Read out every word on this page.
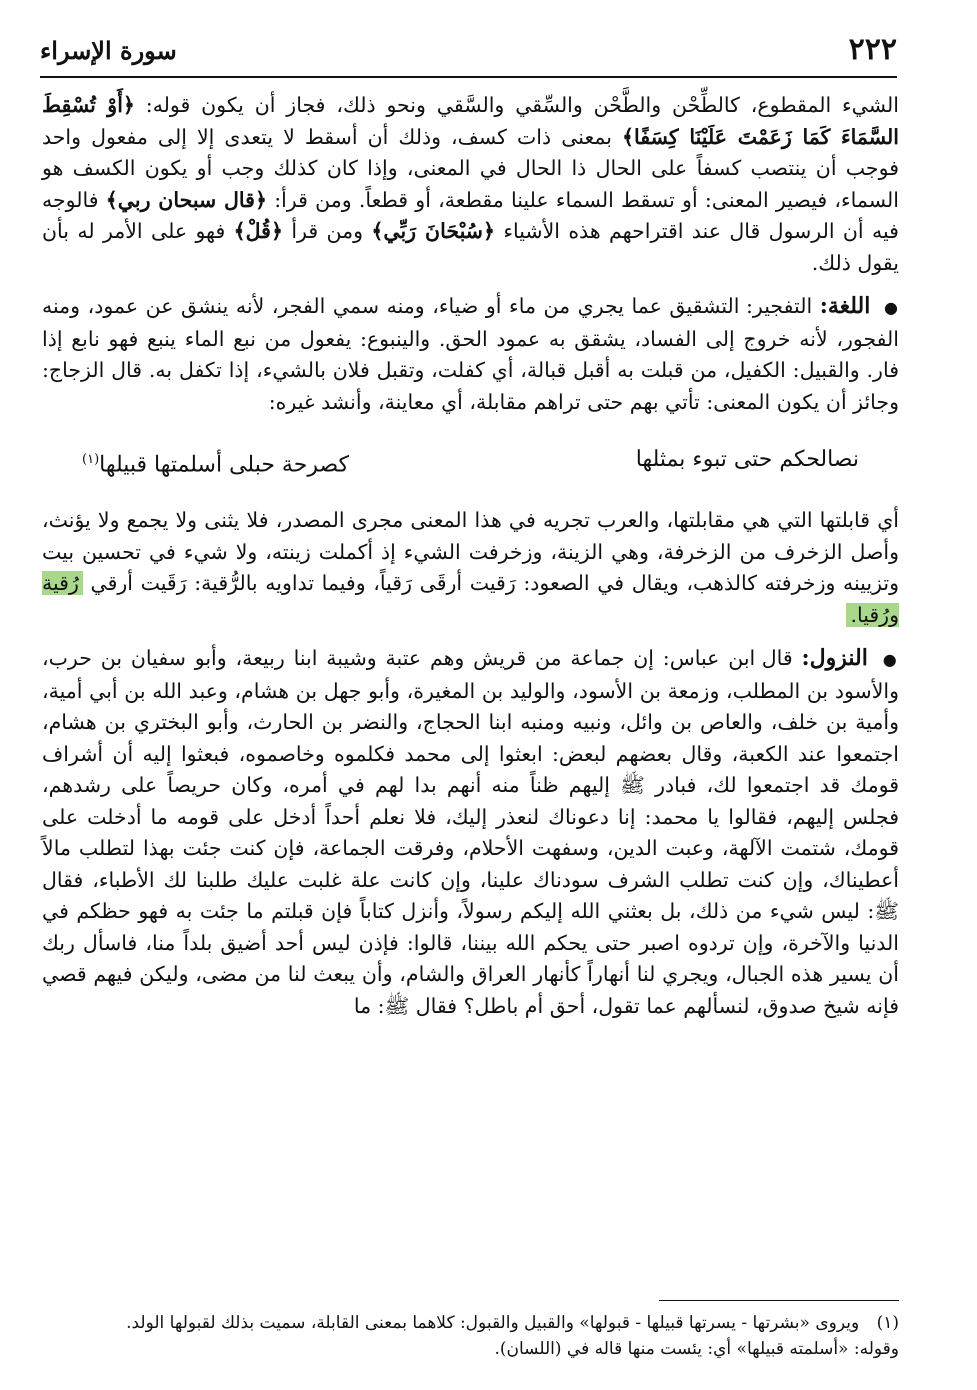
٢٢٢
سورة الإسراء

الشيء المقطوع، كالطِّحْن والطَّحْن والسِّقي والسَّقي ونحو ذلك، فجاز أن يكون قوله: ﴿أَوْ تُسْقِطَ السَّمَاءَ كَمَا زَعَمْتَ عَلَيْنَا كِسَفًا﴾ بمعنى ذات كسف، وذلك أن أسقط لا يتعدى إلا إلى مفعول واحد فوجب أن ينتصب كسفاً على الحال ذا الحال في المعنى، وإذا كان كذلك وجب أو يكون الكسف هو السماء، فيصير المعنى: أو تسقط السماء علينا مقطعة، أو قطعاً. ومن قرأ: ﴿قال سبحان ربي﴾ فالوجه فيه أن الرسول قال عند اقتراحهم هذه الأشياء ﴿سُبْحَانَ رَبِّي﴾ ومن قرأ ﴿قُلْ﴾ فهو على الأمر له بأن يقول ذلك.

● اللغة: التفجير: التشقيق عما يجري من ماء أو ضياء، ومنه سمي الفجر، لأنه ينشق عن عمود، ومنه الفجور، لأنه خروج إلى الفساد، يشقق به عمود الحق. والينبوع: يفعول من نبع الماء ينبع فهو نابع إذا فار. والقبيل: الكفيل، من قبلت به أقبل قبالة، أي كفلت، وتقبل فلان بالشيء، إذا تكفل به. قال الزجاج: وجائز أن يكون المعنى: تأتي بهم حتى تراهم مقابلة، أي معاينة، وأنشد غيره:

نصالحكم حتى تبوء بمثلها
كصرحة حبلى أسلمتها قبيلها$^{(١)}$

أي قابلتها التي هي مقابلتها، والعرب تجريه في هذا المعنى مجرى المصدر، فلا يثنى ولا يجمع ولا يؤنث، وأصل الزخرف من الزخرفة، وهي الزينة، وزخرفت الشيء إذ أكملت زينته، ولا شيء في تحسين بيت وتزيينه وزخرفته كالذهب، ويقال في الصعود: رَقيت أرقَى رَقياً، وفيما تداويه بالرُّقية: رَقَيت أرقي رُقية ورُقيا.

● النزول: قال ابن عباس: إن جماعة من قريش وهم عتبة وشيبة ابنا ربيعة، وأبو سفيان بن حرب، والأسود بن المطلب، وزمعة بن الأسود، والوليد بن المغيرة، وأبو جهل بن هشام، وعبد الله بن أبي أمية، وأمية بن خلف، والعاص بن وائل، ونبيه ومنبه ابنا الحجاج، والنضر بن الحارث، وأبو البختري بن هشام، اجتمعوا عند الكعبة، وقال بعضهم لبعض: ابعثوا إلى محمد فكلموه وخاصموه، فبعثوا إليه أن أشراف قومك قد اجتمعوا لك، فبادر ﷺ إليهم ظناً منه أنهم بدا لهم في أمره، وكان حريصاً على رشدهم، فجلس إليهم، فقالوا يا محمد: إنا دعوناك لنعذر إليك، فلا نعلم أحداً أدخل على قومه ما أدخلت على قومك، شتمت الآلهة، وعبت الدين، وسفهت الأحلام، وفرقت الجماعة، فإن كنت جئت بهذا لتطلب مالاً أعطيناك، وإن كنت تطلب الشرف سودناك علينا، وإن كانت علة غلبت عليك طلبنا لك الأطباء، فقال ﷺ: ليس شيء من ذلك، بل بعثني الله إليكم رسولاً، وأنزل كتاباً فإن قبلتم ما جئت به فهو حظكم في الدنيا والآخرة، وإن تردوه اصبر حتى يحكم الله بيننا، قالوا: فإذن ليس أحد أضيق بلداً منا، فاسأل ربك أن يسير هذه الجبال، ويجري لنا أنهاراً كأنهار العراق والشام، وأن يبعث لنا من مضى، وليكن فيهم قصي فإنه شيخ صدوق، لنسألهم عما تقول، أحق أم باطل؟ فقال ﷺ: ما

(١) ويروى «بشرتها - يسرتها قبيلها - قبولها» والقبيل والقبول: كلاهما بمعنى القابلة، سميت بذلك لقبولها الولد.

وقوله: «أسلمته قبيلها» أي: يئست منها قاله في (اللسان).
